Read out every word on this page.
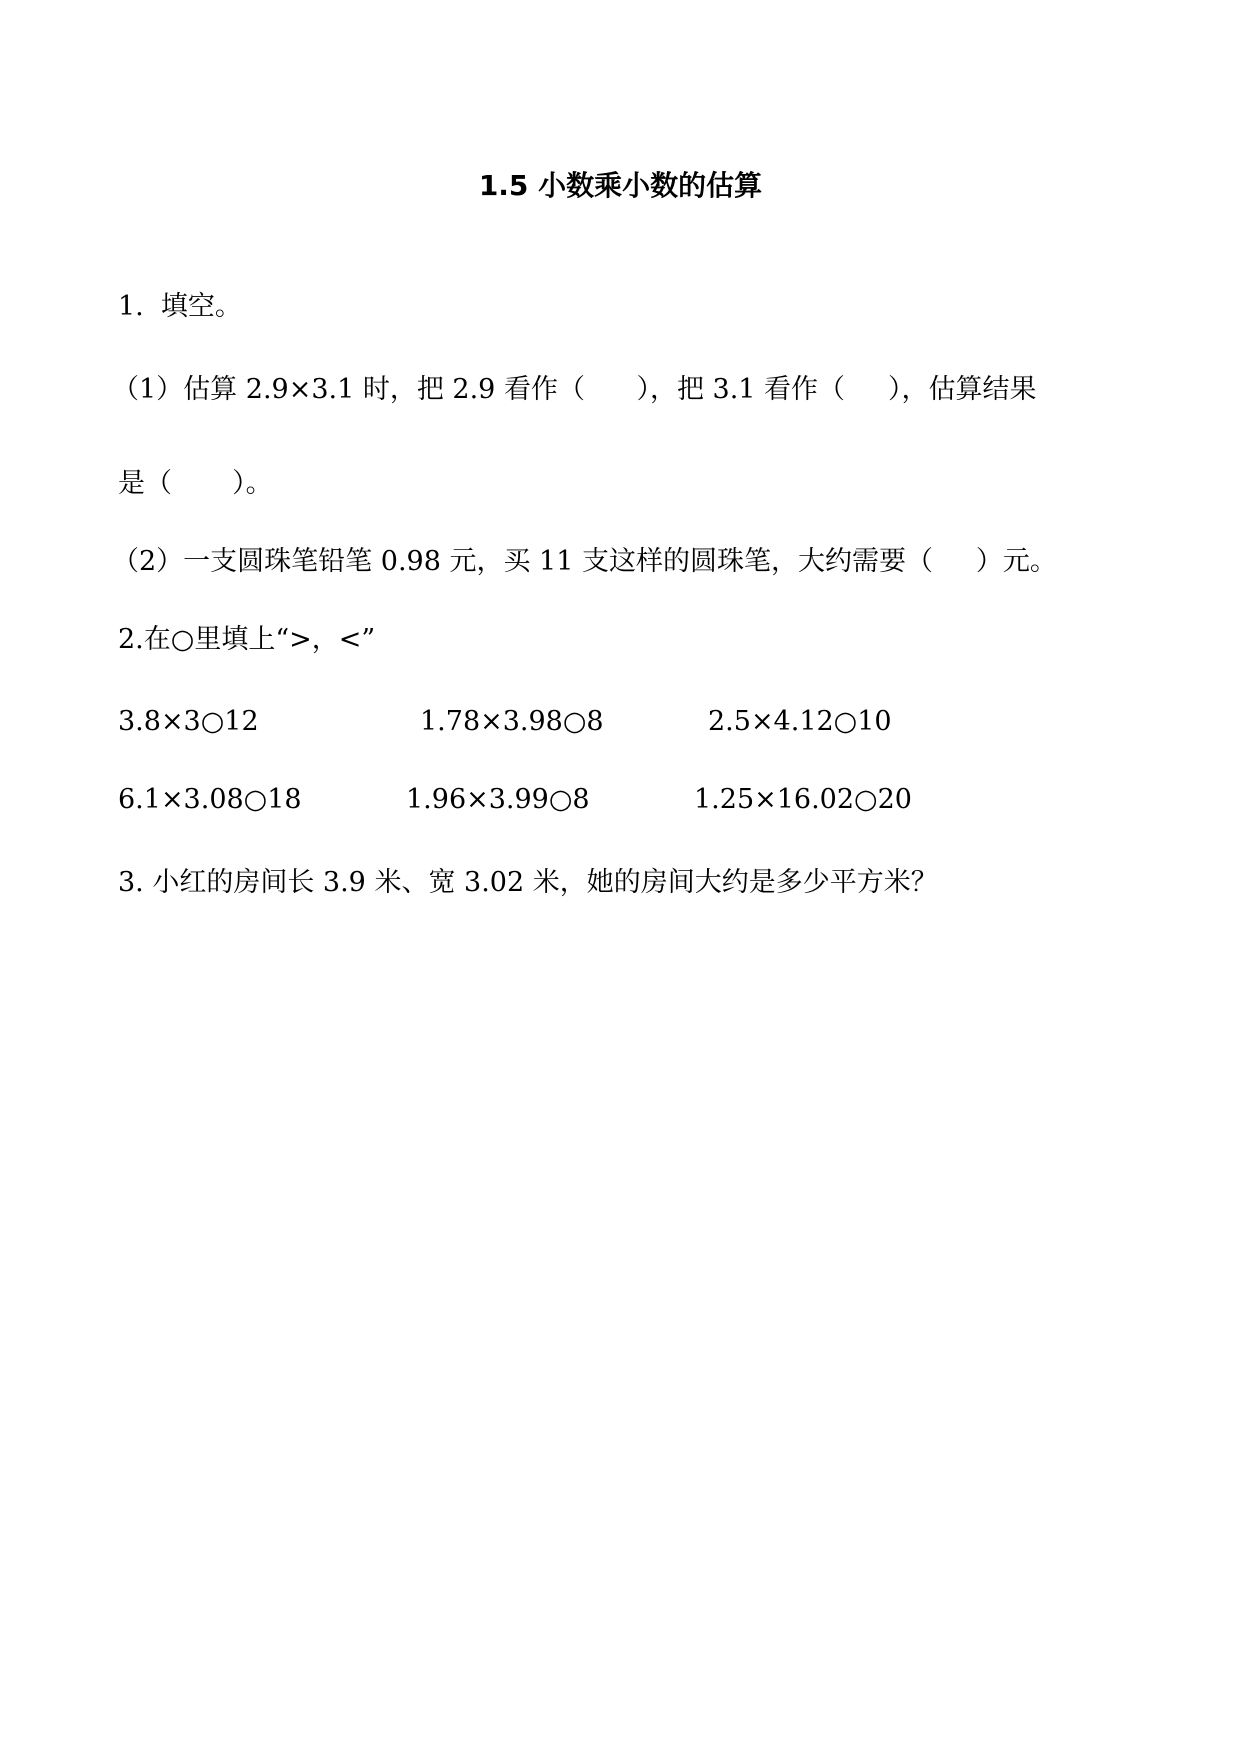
1.5 小数乘小数的估算
1.  填空。
（1）估算 2.9×3.1 时，把 2.9 看作（      ），把 3.1 看作（     ），估算结果
是（       ）。
（2）一支圆珠笔铅笔 0.98 元，买 11 支这样的圆珠笔，大约需要（     ）元。
2.在○里填上“>，<”
3.8×3○12	1.78×3.98○8	2.5×4.12○10
6.1×3.08○18	1.96×3.99○8	1.25×16.02○20
3. 小红的房间长 3.9 米、宽 3.02 米，她的房间大约是多少平方米？
